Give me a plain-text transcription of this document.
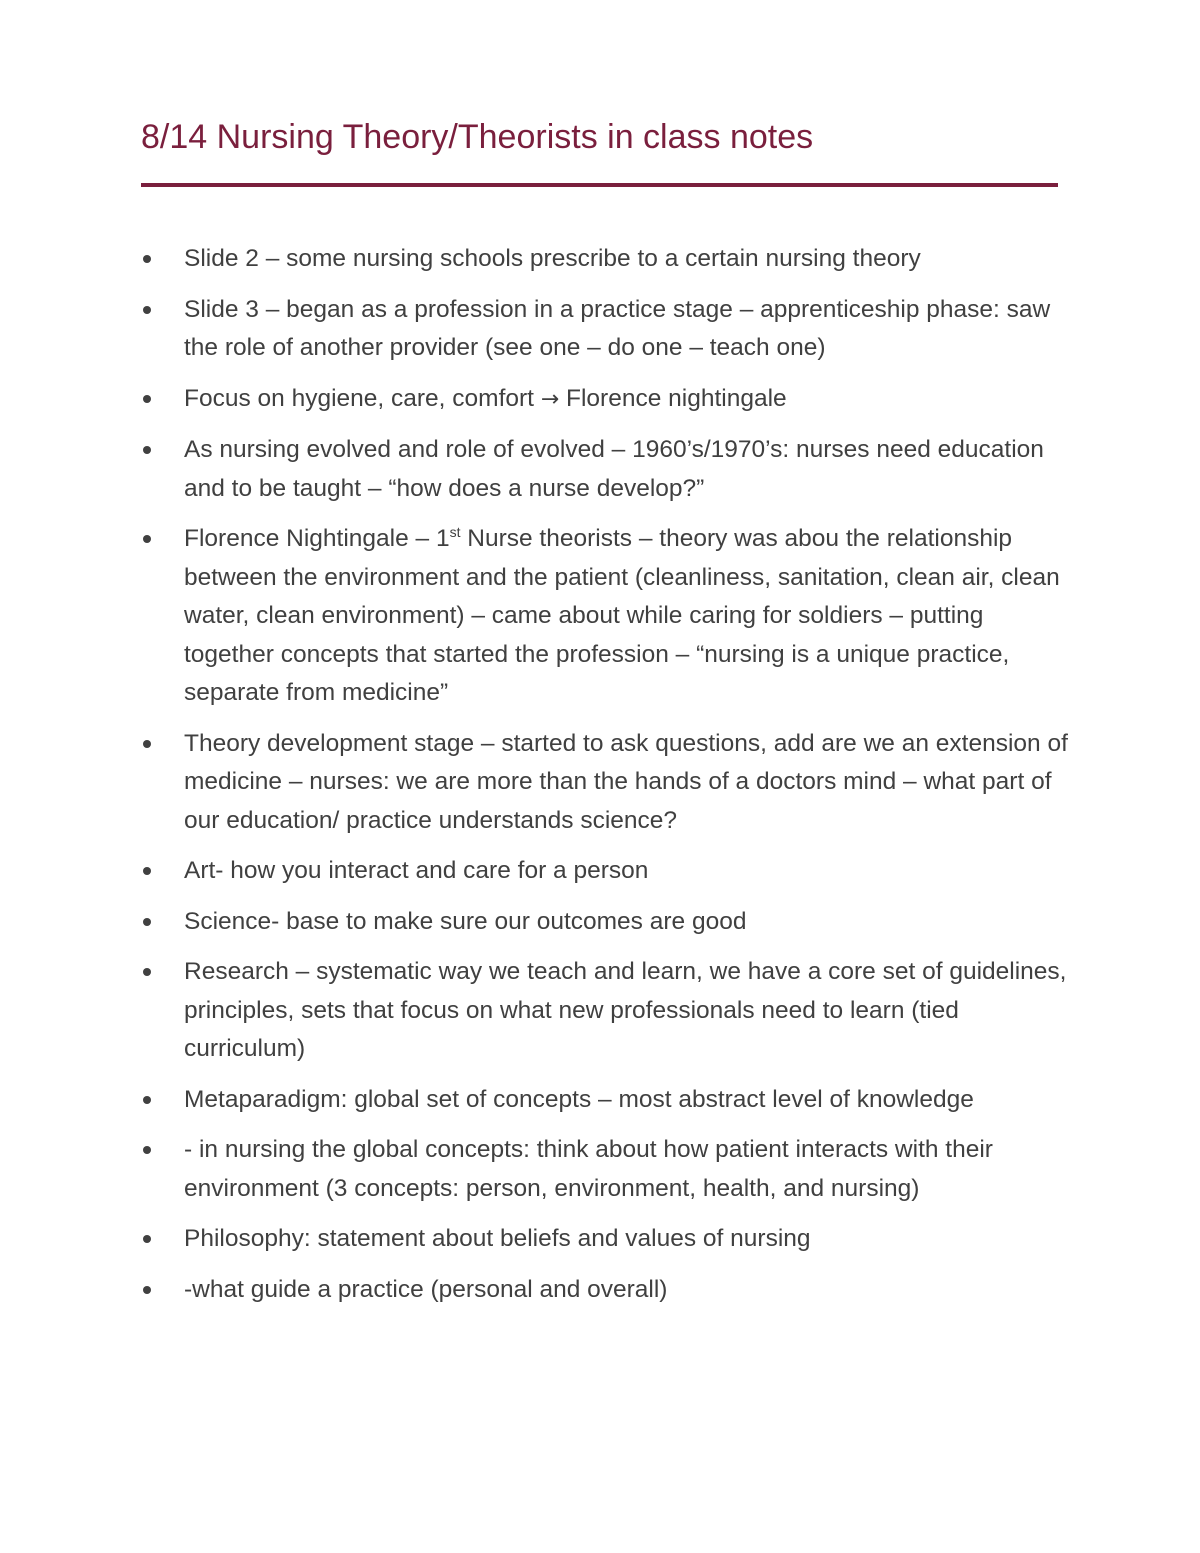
8/14 Nursing Theory/Theorists in class notes
Slide 2 – some nursing schools prescribe to a certain nursing theory
Slide 3 – began as a profession in a practice stage – apprenticeship phase: saw the role of another provider (see one – do one – teach one)
Focus on hygiene, care, comfort → Florence nightingale
As nursing evolved and role of evolved – 1960’s/1970’s: nurses need education and to be taught – “how does a nurse develop?”
Florence Nightingale – 1st Nurse theorists – theory was abou the relationship between the environment and the patient (cleanliness, sanitation, clean air, clean water, clean environment) – came about while caring for soldiers – putting together concepts that started the profession – “nursing is a unique practice, separate from medicine”
Theory development stage – started to ask questions, add are we an extension of medicine – nurses: we are more than the hands of a doctors mind – what part of our education/ practice understands science?
Art- how you interact and care for a person
Science- base to make sure our outcomes are good
Research – systematic way we teach and learn, we have a core set of guidelines, principles, sets that focus on what new professionals need to learn (tied curriculum)
Metaparadigm: global set of concepts – most abstract level of knowledge
- in nursing the global concepts: think about how patient interacts with their environment (3 concepts: person, environment, health, and nursing)
Philosophy: statement about beliefs and values of nursing
-what guide a practice (personal and overall)
